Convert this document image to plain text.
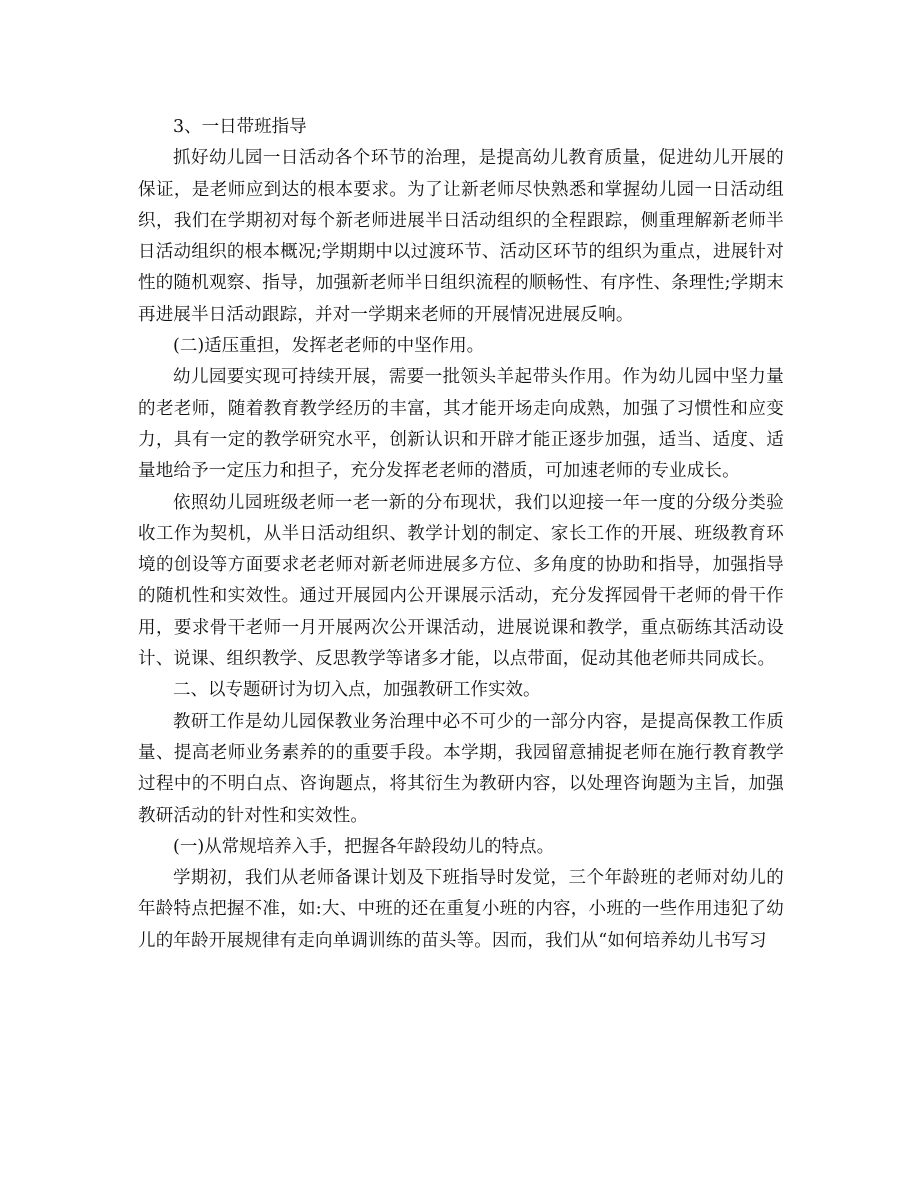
3、一日带班指导

抓好幼儿园一日活动各个环节的治理，是提高幼儿教育质量，促进幼儿开展的保证，是老师应到达的根本要求。为了让新老师尽快熟悉和掌握幼儿园一日活动组织，我们在学期初对每个新老师进展半日活动组织的全程跟踪，侧重理解新老师半日活动组织的根本概况;学期期中以过渡环节、活动区环节的组织为重点，进展针对性的随机观察、指导，加强新老师半日组织流程的顺畅性、有序性、条理性;学期末再进展半日活动跟踪，并对一学期来老师的开展情况进展反响。

(二)适压重担，发挥老老师的中坚作用。

幼儿园要实现可持续开展，需要一批领头羊起带头作用。作为幼儿园中坚力量的老老师，随着教育教学经历的丰富，其才能开场走向成熟，加强了习惯性和应变力，具有一定的教学研究水平，创新认识和开辟才能正逐步加强，适当、适度、适量地给予一定压力和担子，充分发挥老老师的潜质，可加速老师的专业成长。

依照幼儿园班级老师一老一新的分布现状，我们以迎接一年一度的分级分类验收工作为契机，从半日活动组织、教学计划的制定、家长工作的开展、班级教育环境的创设等方面要求老老师对新老师进展多方位、多角度的协助和指导，加强指导的随机性和实效性。通过开展园内公开课展示活动，充分发挥园骨干老师的骨干作用，要求骨干老师一月开展两次公开课活动，进展说课和教学，重点砺练其活动设计、说课、组织教学、反思教学等诸多才能，以点带面，促动其他老师共同成长。

二、以专题研讨为切入点，加强教研工作实效。

教研工作是幼儿园保教业务治理中必不可少的一部分内容，是提高保教工作质量、提高老师业务素养的的重要手段。本学期，我园留意捕捉老师在施行教育教学过程中的不明白点、咨询题点，将其衍生为教研内容，以处理咨询题为主旨，加强教研活动的针对性和实效性。

(一)从常规培养入手，把握各年龄段幼儿的特点。

学期初，我们从老师备课计划及下班指导时发觉，三个年龄班的老师对幼儿的年龄特点把握不准，如:大、中班的还在重复小班的内容，小班的一些作用违犯了幼儿的年龄开展规律有走向单调训练的苗头等。因而，我们从“如何培养幼儿书写习
